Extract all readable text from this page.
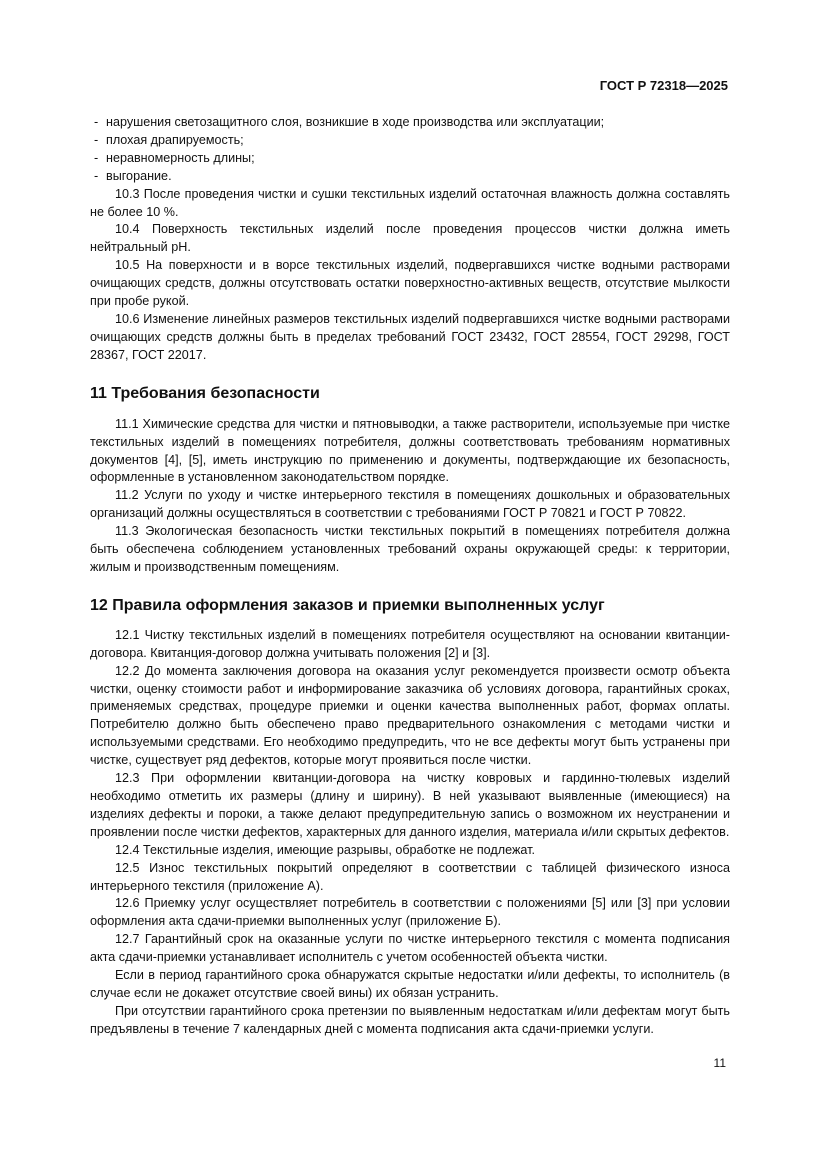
ГОСТ Р 72318—2025

- нарушения светозащитного слоя, возникшие в ходе производства или эксплуатации;

- плохая драпируемость;

- неравномерность длины;

- выгорание.

10.3 После проведения чистки и сушки текстильных изделий остаточная влажность должна составлять не более 10 %.

10.4 Поверхность текстильных изделий после проведения процессов чистки должна иметь нейтральный pH.

10.5 На поверхности и в ворсе текстильных изделий, подвергавшихся чистке водными растворами очищающих средств, должны отсутствовать остатки поверхностно-активных веществ, отсутствие мылкости при пробе рукой.

10.6 Изменение линейных размеров текстильных изделий подвергавшихся чистке водными растворами очищающих средств должны быть в пределах требований ГОСТ 23432, ГОСТ 28554, ГОСТ 29298, ГОСТ 28367, ГОСТ 22017.

11 Требования безопасности

11.1 Химические средства для чистки и пятновыводки, а также растворители, используемые при чистке текстильных изделий в помещениях потребителя, должны соответствовать требованиям нормативных документов [4], [5], иметь инструкцию по применению и документы, подтверждающие их безопасность, оформленные в установленном законодательством порядке.

11.2 Услуги по уходу и чистке интерьерного текстиля в помещениях дошкольных и образовательных организаций должны осуществляться в соответствии с требованиями ГОСТ Р 70821 и ГОСТ Р 70822.

11.3 Экологическая безопасность чистки текстильных покрытий в помещениях потребителя должна быть обеспечена соблюдением установленных требований охраны окружающей среды: к территории, жилым и производственным помещениям.

12 Правила оформления заказов и приемки выполненных услуг

12.1 Чистку текстильных изделий в помещениях потребителя осуществляют на основании квитанции-договора. Квитанция-договор должна учитывать положения [2] и [3].

12.2 До момента заключения договора на оказания услуг рекомендуется произвести осмотр объекта чистки, оценку стоимости работ и информирование заказчика об условиях договора, гарантийных сроках, применяемых средствах, процедуре приемки и оценки качества выполненных работ, формах оплаты. Потребителю должно быть обеспечено право предварительного ознакомления с методами чистки и используемыми средствами. Его необходимо предупредить, что не все дефекты могут быть устранены при чистке, существует ряд дефектов, которые могут проявиться после чистки.

12.3 При оформлении квитанции-договора на чистку ковровых и гардинно-тюлевых изделий необходимо отметить их размеры (длину и ширину). В ней указывают выявленные (имеющиеся) на изделиях дефекты и пороки, а также делают предупредительную запись о возможном их неустранении и проявлении после чистки дефектов, характерных для данного изделия, материала и/или скрытых дефектов.

12.4 Текстильные изделия, имеющие разрывы, обработке не подлежат.

12.5 Износ текстильных покрытий определяют в соответствии с таблицей физического износа интерьерного текстиля (приложение А).

12.6 Приемку услуг осуществляет потребитель в соответствии с положениями [5] или [3] при условии оформления акта сдачи-приемки выполненных услуг (приложение Б).

12.7 Гарантийный срок на оказанные услуги по чистке интерьерного текстиля с момента подписания акта сдачи-приемки устанавливает исполнитель с учетом особенностей объекта чистки.

Если в период гарантийного срока обнаружатся скрытые недостатки и/или дефекты, то исполнитель (в случае если не докажет отсутствие своей вины) их обязан устранить.

При отсутствии гарантийного срока претензии по выявленным недостаткам и/или дефектам могут быть предъявлены в течение 7 календарных дней с момента подписания акта сдачи-приемки услуги.

11
